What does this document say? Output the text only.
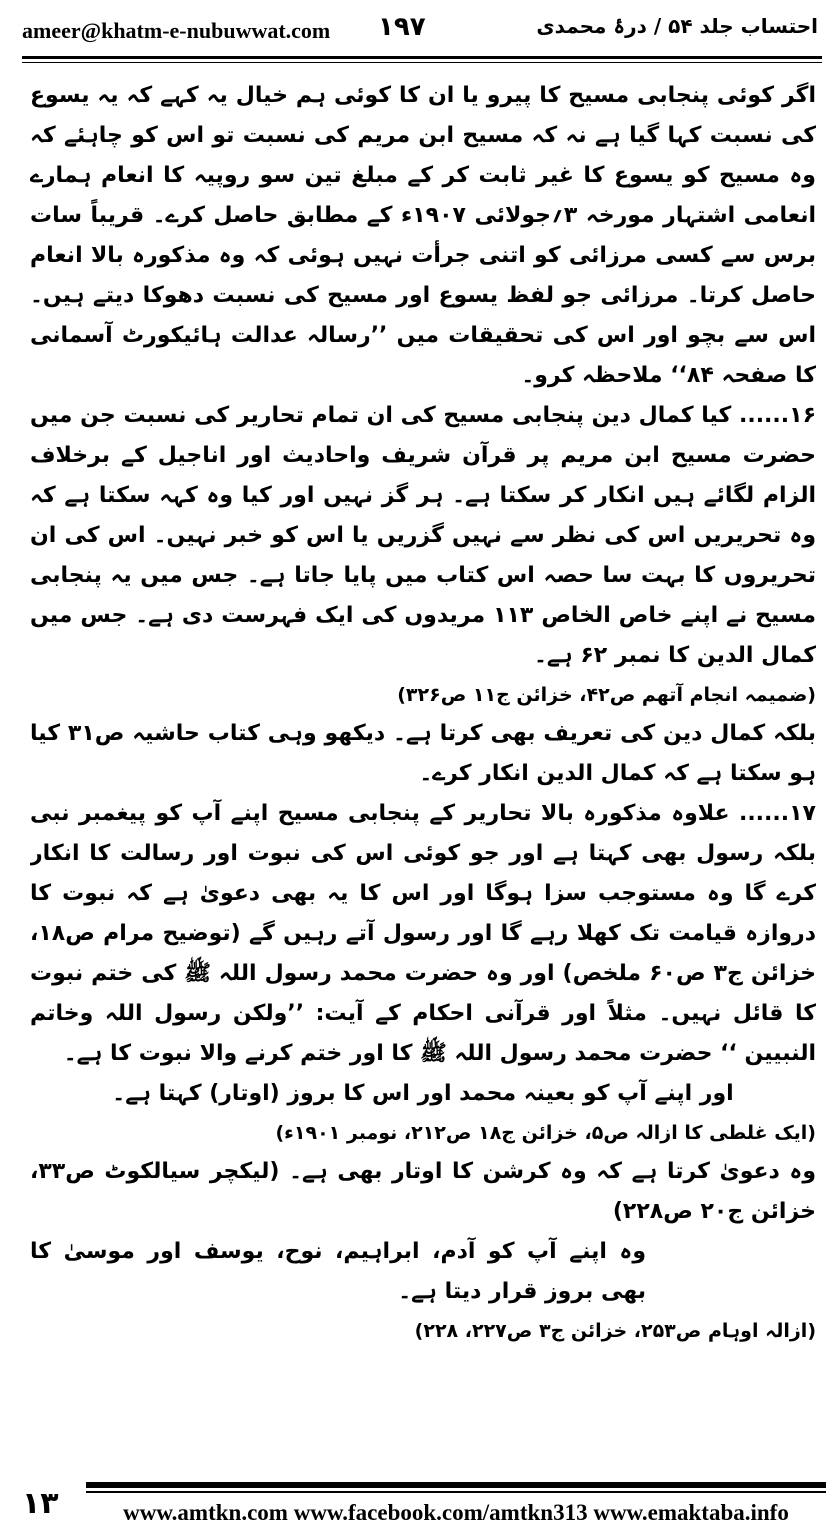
ameer@khatm-e-nubuwwat.com ۱۹۷	احتساب جلد ۵۴ / درۂ محمدی

اگر کوئی پنجابی مسیح کا پیرو یا ان کا کوئی ہم خیال یہ کہے کہ یہ یسوع کی نسبت کہا گیا ہے نہ کہ مسیح ابن مریم کی نسبت تو اس کو چاہئے کہ وہ مسیح کو یسوع کا غیر ثابت کر کے مبلغ تین سو روپیہ کا انعام ہمارے انعامی اشتہار مورخہ ۳؍جولائی ۱۹۰۷ء کے مطابق حاصل کرے۔ قریباً سات برس سے کسی مرزائی کو اتنی جرأت نہیں ہوئی کہ وہ مذکورہ بالا انعام حاصل کرتا۔ مرزائی جو لفظ یسوع اور مسیح کی نسبت دھوکا دیتے ہیں۔ اس سے بچو اور اس کی تحقیقات میں ’’رسالہ عدالت ہائیکورٹ آسمانی کا صفحہ ۸۴‘‘ ملاحظہ کرو۔

۱۶...... کیا کمال دین پنجابی مسیح کی ان تمام تحاریر کی نسبت جن میں حضرت مسیح ابن مریم پر قرآن شریف واحادیث اور اناجیل کے برخلاف الزام لگائے ہیں انکار کر سکتا ہے۔ ہر گز نہیں اور کیا وہ کہہ سکتا ہے کہ وہ تحریریں اس کی نظر سے نہیں گزریں یا اس کو خبر نہیں۔ اس کی ان تحریروں کا بہت سا حصہ اس کتاب میں پایا جاتا ہے۔ جس میں یہ پنجابی مسیح نے اپنے خاص الخاص ۱۱۳ مریدوں کی ایک فہرست دی ہے۔ جس میں کمال الدین کا نمبر ۶۲ ہے۔

(ضمیمہ انجام آتھم ص۴۲، خزائن ج۱۱ ص۳۲۶)

بلکہ کمال دین کی تعریف بھی کرتا ہے۔ دیکھو وہی کتاب حاشیہ ص۳۱ کیا ہو سکتا ہے کہ کمال الدین انکار کرے۔

۱۷...... علاوہ مذکورہ بالا تحاریر کے پنجابی مسیح اپنے آپ کو پیغمبر نبی بلکہ رسول بھی کہتا ہے اور جو کوئی اس کی نبوت اور رسالت کا انکار کرے گا وہ مستوجب سزا ہوگا اور اس کا یہ بھی دعویٰ ہے کہ نبوت کا دروازہ قیامت تک کھلا رہے گا اور رسول آتے رہیں گے (توضیح مرام ص۱۸، خزائن ج۳ ص۶۰ ملخص) اور وہ حضرت محمد رسول اللہ ﷺ کی ختم نبوت کا قائل نہیں۔ مثلاً اور قرآنی احکام کے آیت: ’’ولکن رسول اللہ وخاتم النبیین ‘‘ حضرت محمد رسول اللہ ﷺ کا اور ختم کرنے والا نبوت کا ہے۔

اور اپنے آپ کو بعینہ محمد اور اس کا بروز (اوتار) کہتا ہے۔

(ایک غلطی کا ازالہ ص۵، خزائن ج۱۸ ص۲۱۲، نومبر ۱۹۰۱ء)

وہ دعویٰ کرتا ہے کہ وہ کرشن کا اوتار بھی ہے۔ (لیکچر سیالکوٹ ص۳۳، خزائن ج۲۰ ص۲۲۸)

وہ اپنے آپ کو آدم، ابراہیم، نوح، یوسف اور موسیٰ کا بھی بروز قرار دیتا ہے۔

(ازالہ اوہام ص۲۵۳، خزائن ج۳ ص۲۲۷، ۲۲۸)

۱۳	www.amtkn.com www.facebook.com/amtkn313 www.emaktaba.info
